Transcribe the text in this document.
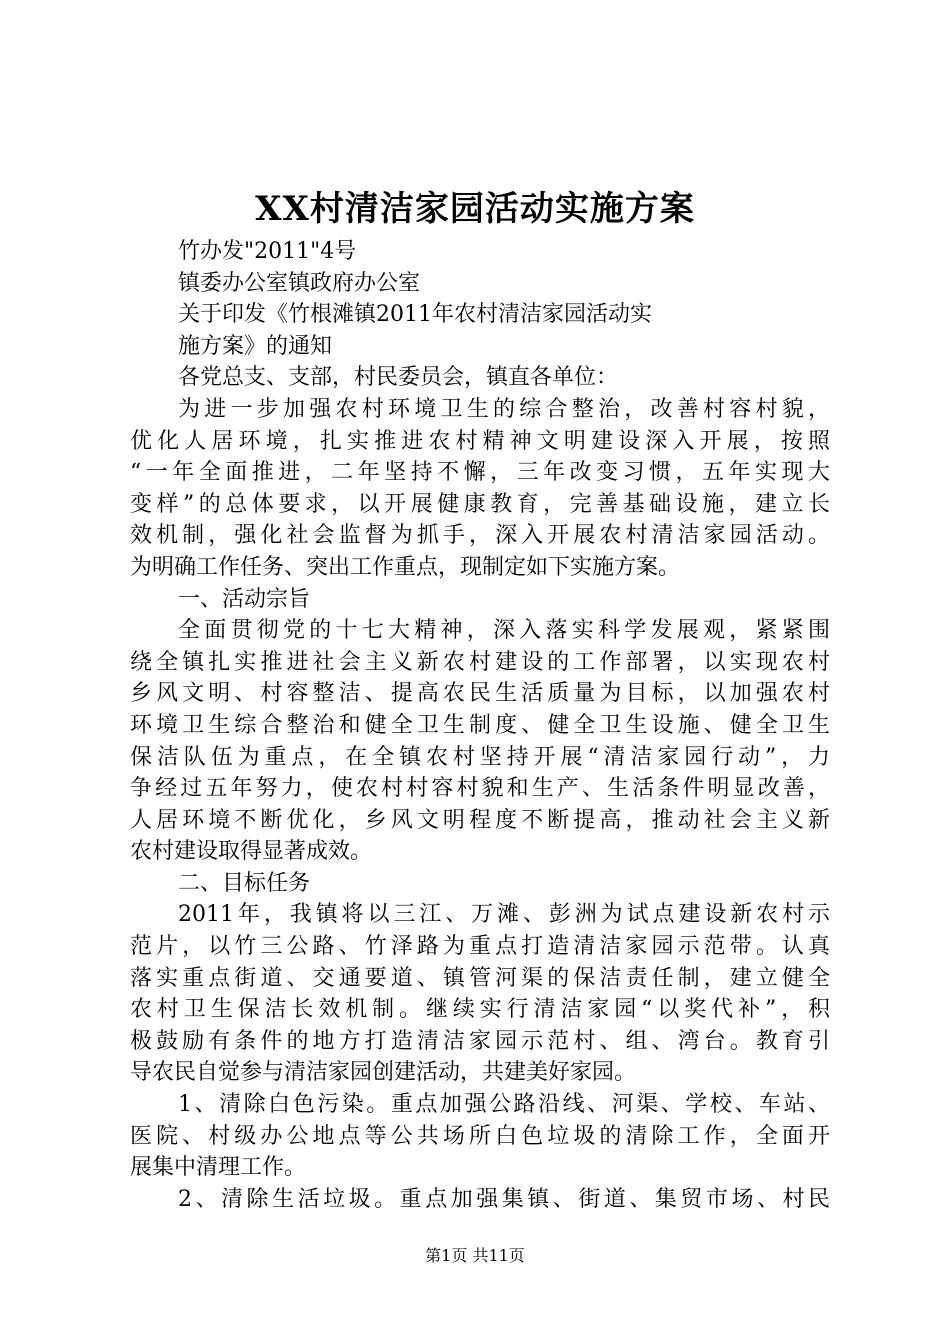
XX村清洁家园活动实施方案
竹办发"2011"4号
镇委办公室镇政府办公室
关于印发《竹根滩镇2011年农村清洁家园活动实
施方案》的通知
各党总支、支部，村民委员会，镇直各单位：
为进一步加强农村环境卫生的综合整治，改善村容村貌，
优化人居环境，扎实推进农村精神文明建设深入开展，按照
“一年全面推进，二年坚持不懈，三年改变习惯，五年实现大
变样”的总体要求，以开展健康教育，完善基础设施，建立长
效机制，强化社会监督为抓手，深入开展农村清洁家园活动。
为明确工作任务、突出工作重点，现制定如下实施方案。
一、活动宗旨
全面贯彻党的十七大精神，深入落实科学发展观，紧紧围
绕全镇扎实推进社会主义新农村建设的工作部署，以实现农村
乡风文明、村容整洁、提高农民生活质量为目标，以加强农村
环境卫生综合整治和健全卫生制度、健全卫生设施、健全卫生
保洁队伍为重点，在全镇农村坚持开展“清洁家园行动”，力
争经过五年努力，使农村村容村貌和生产、生活条件明显改善，
人居环境不断优化，乡风文明程度不断提高，推动社会主义新
农村建设取得显著成效。
二、目标任务
2011年，我镇将以三江、万滩、彭洲为试点建设新农村示
范片，以竹三公路、竹泽路为重点打造清洁家园示范带。认真
落实重点街道、交通要道、镇管河渠的保洁责任制，建立健全
农村卫生保洁长效机制。继续实行清洁家园“以奖代补”，积
极鼓励有条件的地方打造清洁家园示范村、组、湾台。教育引
导农民自觉参与清洁家园创建活动，共建美好家园。
1、清除白色污染。重点加强公路沿线、河渠、学校、车站、
医院、村级办公地点等公共场所白色垃圾的清除工作，全面开
展集中清理工作。
2、清除生活垃圾。重点加强集镇、街道、集贸市场、村民
第1页 共11页
